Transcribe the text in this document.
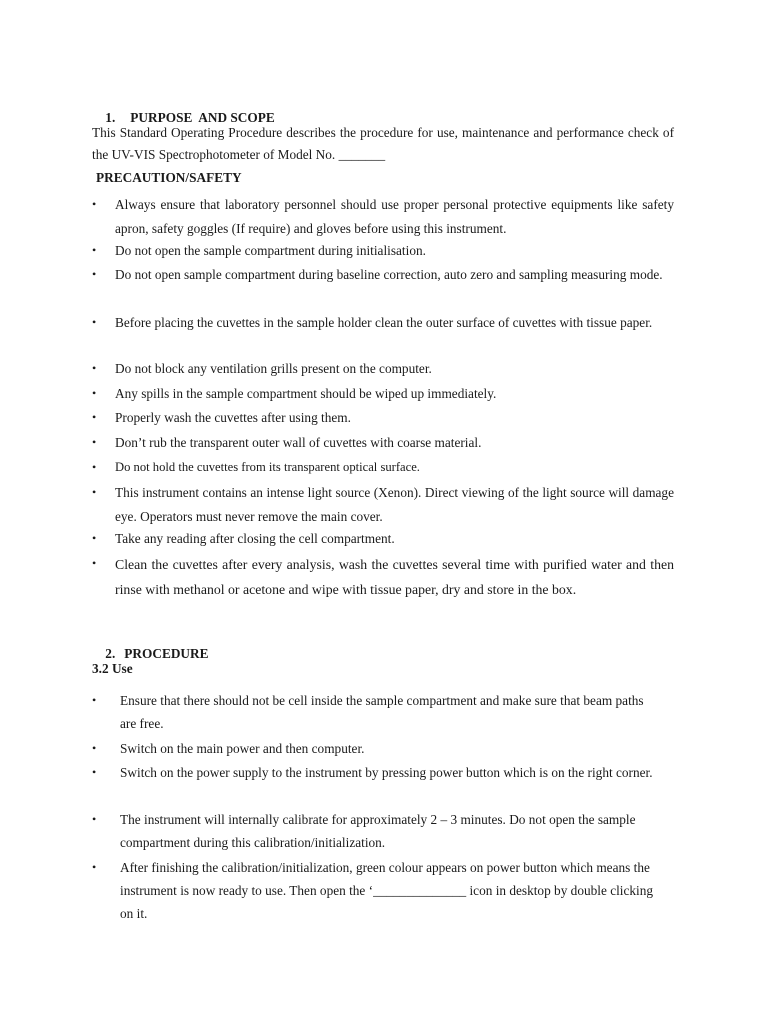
1. PURPOSE  AND SCOPE

This Standard Operating Procedure describes the procedure for use, maintenance and performance check of the UV-VIS Spectrophotometer of Model No. _______
PRECAUTION/SAFETY
• Always ensure that laboratory personnel should use proper personal protective equipments like safety apron, safety goggles (If require) and gloves before using this instrument.
• Do not open the sample compartment during initialisation.
• Do not open sample compartment during baseline correction, auto zero and sampling measuring mode.
• Before placing the cuvettes in the sample holder clean the outer surface of cuvettes with tissue paper.
• Do not block any ventilation grills present on the computer.
• Any spills in the sample compartment should be wiped up immediately.
• Properly wash the cuvettes after using them.
• Don’t rub the transparent outer wall of cuvettes with coarse material.
• Do not hold the cuvettes from its transparent optical surface.
• This instrument contains an intense light source (Xenon). Direct viewing of the light source will damage eye. Operators must never remove the main cover.
• Take any reading after closing the cell compartment.
• Clean the cuvettes after every analysis, wash the cuvettes several time with purified water and then rinse with methanol or acetone and wipe with tissue paper, dry and store in the box.

2. PROCEDURE

3.2 Use
• Ensure that there should not be cell inside the sample compartment and make sure that beam paths are free.
• Switch on the main power and then computer.
• Switch on the power supply to the instrument by pressing power button which is on the right corner.
• The instrument will internally calibrate for approximately 2 – 3 minutes. Do not open the sample compartment during this calibration/initialization.
• After finishing the calibration/initialization, green colour appears on power button which means the instrument is now ready to use. Then open the ‘______________ icon in desktop by double clicking on it.
